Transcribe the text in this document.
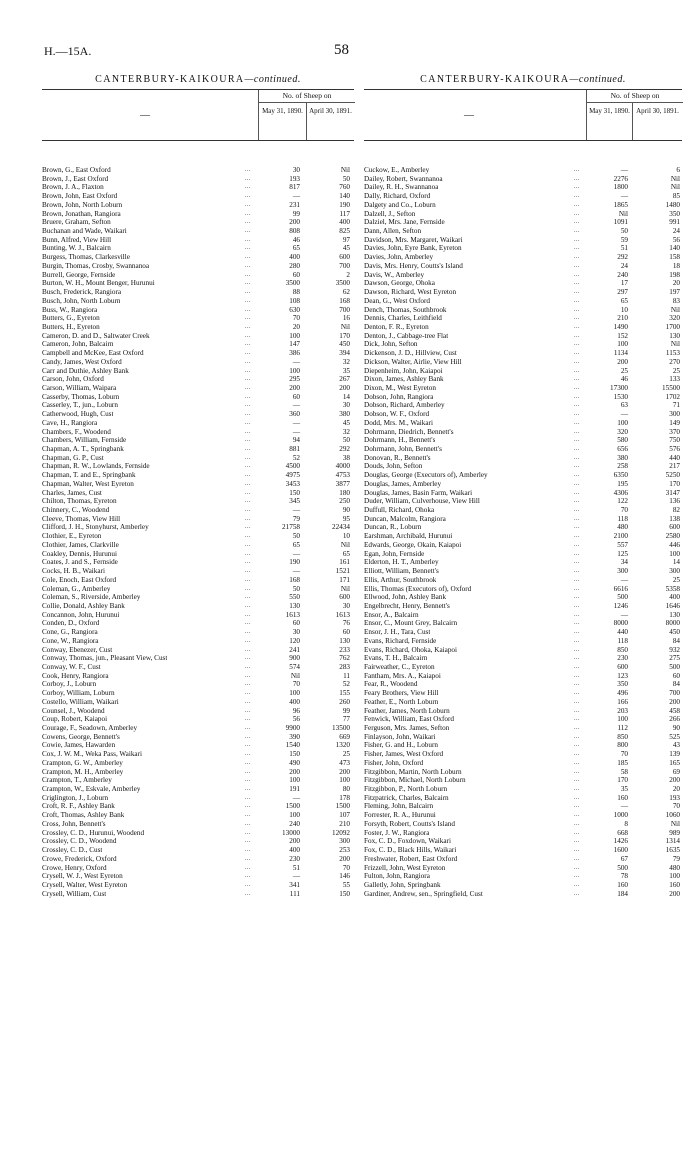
H.—15A.	58
CANTERBURY-KAIKOURA—continued.
—
No. of Sheep on
May 31, 1890. April 30, 1891.
Brown, G., East Oxford	...	30	Nil
Brown, J., East Oxford	...	193	50
Brown, J. A., Flaxton	...	817	760
Brown, John, East Oxford	...	—	140
Brown, John, North Loburn	...	231	190
Brown, Jonathan, Rangiora	...	99	117
Bruere, Graham, Sefton	...	200	400
Buchanan and Wade, Waikari	...	808	825
Bunn, Alfred, View Hill	...	46	97
Bunting, W. J., Balcairn	...	65	45
Burgess, Thomas, Clarkesville	...	400	600
Burgin, Thomas, Crosby, Swannanoa	...	280	700
Burrell, George, Fernside	...	60	2
Burton, W. H., Mount Benger, Hurunui	...	3500	3500
Busch, Frederick, Rangiora	...	88	62
Busch, John, North Loburn	...	108	168
Buss, W., Rangiora	...	630	700
Butters, G., Eyreton	...	70	16
Butters, H., Eyreton	...	20	Nil
Cameron, D. and D., Saltwater Creek	...	100	170
Cameron, John, Balcairn	...	147	450
Campbell and McKee, East Oxford	...	386	394
Candy, James, West Oxford	...	—	32
Carr and Duthie, Ashley Bank	...	100	35
Carson, John, Oxford	...	295	267
Carson, William, Waipara	...	200	200
Casserby, Thomas, Loburn	...	60	14
Casserley, T., jun., Loburn	...	—	30
Catherwood, Hugh, Cust	...	360	380
Cave, H., Rangiora	...	—	45
Chambers, F., Woodend	...	—	32
Chambers, William, Fernside	...	94	50
Chapman, A. T., Springbank	...	881	292
Chapman, G. P., Cust	...	52	38
Chapman, R. W., Lowlands, Fernside	...	4500	4000
Chapman, T. and E., Springbank	...	4975	4753
Chapman, Walter, West Eyreton	...	3453	3877
Charles, James, Cust	...	150	180
Chilton, Thomas, Eyreton	...	345	250
Chinnery, C., Woodend	...	—	90
Cleeve, Thomas, View Hill	...	79	95
Clifford, J. H., Stonyhurst, Amberley	...	21758	22434
Clothier, E., Eyreton	...	50	10
Clothier, James, Clarkville	...	65	Nil
Coakley, Dennis, Hurunui	...	—	65
Coates, J. and S., Fernside	...	190	161
Cocks, H. B., Waikari	...	—	1521
Cole, Enoch, East Oxford	...	168	171
Coleman, G., Amberley	...	50	Nil
Coleman, S., Riverside, Amberley	...	550	600
Collie, Donald, Ashley Bank	...	130	30
Concannon, John, Hurunui	...	1613	1613
Conden, D., Oxford	...	60	76
Cone, G., Rangiora	...	30	60
Cone, W., Rangiora	...	120	130
Conway, Ebenezer, Cust	...	241	233
Conway, Thomas, jun., Pleasant View, Cust	...	900	762
Conway, W. F., Cust	...	574	283
Cook, Henry, Rangiora	...	Nil	11
Corboy, J., Loburn	...	70	52
Corboy, William, Loburn	...	100	155
Costello, William, Waikari	...	400	260
Counsel, J., Woodend	...	96	99
Coup, Robert, Kaiapoi	...	56	77
Courage, F., Seadown, Amberley	...	9900	13500
Cowens, George, Bennett's	...	390	669
Cowie, James, Hawarden	...	1540	1320
Cox, J. W. M., Weka Pass, Waikari	...	150	25
Crampton, G. W., Amberley	...	490	473
Crampton, M. H., Amberley	...	200	200
Crampton, T., Amberley	...	100	100
Crampton, W., Eskvale, Amberley	...	191	80
Criglington, J., Loburn	...	—	178
Croft, R. F., Ashley Bank	...	1500	1500
Croft, Thomas, Ashley Bank	...	100	107
Cross, John, Bennett's	...	240	210
Crossley, C. D., Hurunui, Woodend	...	13000	12092
Crossley, C. D., Woodend	...	200	300
Crossley, C. D., Cust	...	400	253
Crowe, Frederick, Oxford	...	230	200
Crowe, Henry, Oxford	...	51	70
Crysell, W. J., West Eyreton	...	—	146
Crysell, Walter, West Eyreton	...	341	55
Crysell, William, Cust	...	111	150
CANTERBURY-KAIKOURA—continued.
—
No. of Sheep on
May 31, 1890. April 30, 1891.
Cuckow, E., Amberley	...	—	6
Dailey, Robert, Swannanoa	...	2276	Nil
Dailey, R. H., Swannanoa	...	1800	Nil
Dally, Richard, Oxford	...	—	85
Dalgety and Co., Loburn	...	1865	1480
Dalzell, J., Sefton	...	Nil	350
Dalziel, Mrs. Jane, Fernside	...	1091	991
Dann, Allen, Sefton	...	50	24
Davidson, Mrs. Margaret, Waikari	...	59	56
Davies, John, Eyre Bank, Eyreton	...	51	140
Davies, John, Amberley	...	292	158
Davis, Mrs. Henry, Coutts's Island	...	24	18
Davis, W., Amberley	...	240	198
Dawson, George, Ohoka	...	17	20
Dawson, Richard, West Eyreton	...	297	197
Dean, G., West Oxford	...	65	83
Dench, Thomas, Southbrook	...	10	Nil
Dennis, Charles, Leithfield	...	210	320
Denton, F. R., Eyreton	...	1490	1700
Denton, J., Cabbage-tree Flat	...	152	130
Dick, John, Sefton	...	100	Nil
Dickenson, J. D., Hillview, Cust	...	1134	1153
Dickson, Walter, Airlie, View Hill	...	200	270
Diepenheim, John, Kaiapoi	...	25	25
Dixon, James, Ashley Bank	...	46	133
Dixon, M., West Eyreton	...	17300	15500
Dobson, John, Rangiora	...	1530	1702
Dobson, Richard, Amberley	...	63	71
Dobson, W. F., Oxford	...	—	300
Dodd, Mrs. M., Waikari	...	100	149
Dohrmann, Diedrich, Bennett's	...	320	370
Dohrmann, H., Bennett's	...	580	750
Dohrmann, John, Bennett's	...	656	576
Donovan, R., Bennett's	...	380	440
Douds, John, Sefton	...	258	217
Douglas, George (Executors of), Amberley	...	6350	5250
Douglas, James, Amberley	...	195	170
Douglas, James, Basin Farm, Waikari	...	4306	3147
Duder, William, Culverhouse, View Hill	...	122	136
Duffull, Richard, Ohoka	...	70	82
Duncan, Malcolm, Rangiora	...	118	138
Duncan, R., Loburn	...	480	600
Earshman, Archibald, Hurunui	...	2100	2580
Edwards, George, Okain, Kaiapoi	...	557	446
Egan, John, Fernside	...	125	100
Elderton, H. T., Amberley	...	34	14
Elliott, William, Bennett's	...	300	300
Ellis, Arthur, Southbrook	...	—	25
Ellis, Thomas (Executors of), Oxford	...	6616	5358
Ellwood, John, Ashley Bank	...	500	400
Engelbrecht, Henry, Bennett's	...	1246	1646
Ensor, A., Balcairn	...	—	130
Ensor, C., Mount Grey, Balcairn	...	8000	8000
Ensor, J. H., Tara, Cust	...	440	450
Evans, Richard, Fernside	...	118	84
Evans, Richard, Ohoka, Kaiapoi	...	850	932
Evans, T. H., Balcairn	...	230	275
Fairweather, C., Eyreton	...	600	500
Fantham, Mrs. A., Kaiapoi	...	123	60
Fear, R., Woodend	...	350	84
Feary Brothers, View Hill	...	496	700
Feather, E., North Loburn	...	166	200
Feather, James, North Loburn	...	203	458
Fenwick, William, East Oxford	...	100	266
Ferguson, Mrs. James, Sefton	...	112	90
Finlayson, John, Waikari	...	850	525
Fisher, G. and H., Loburn	...	800	43
Fisher, James, West Oxford	...	70	139
Fisher, John, Oxford	...	185	165
Fitzgibbon, Martin, North Loburn	...	58	69
Fitzgibbon, Michael, North Loburn	...	170	200
Fitzgibbon, P., North Loburn	...	35	20
Fitzpatrick, Charles, Balcairn	...	160	193
Fleming, John, Balcairn	...	—	70
Forrester, R. A., Hurunui	...	1000	1060
Forsyth, Robert, Coutts's Island	...	8	Nil
Foster, J. W., Rangiora	...	668	989
Fox, C. D., Foxdown, Waikari	...	1426	1314
Fox, C. D., Black Hills, Waikari	...	1600	1635
Freshwater, Robert, East Oxford	...	67	79
Frizzell, John, West Eyreton	...	500	480
Fulton, John, Rangiora	...	78	100
Galletly, John, Springbank	...	160	160
Gardiner, Andrew, sen., Springfield, Cust	...	184	200
